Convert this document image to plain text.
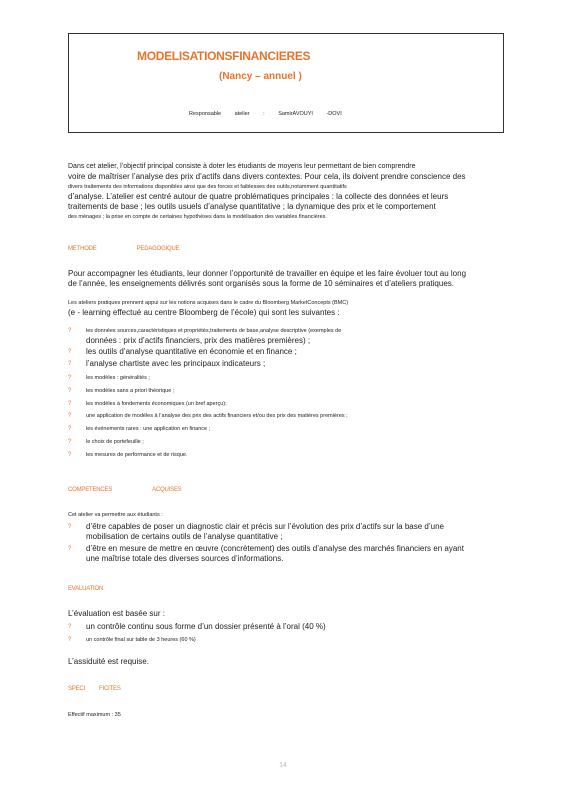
MODELISATIONSFINANCIERES
(Nancy – annuel )
Responsable atelier : SamirAVOUYI -DOVI
Dans cet atelier, l’objectif principal consiste à doter les étudiants de moyens leur permettant de bien comprendre
voire de maîtriser l’analyse des prix d’actifs dans divers contextes. Pour cela, ils doivent prendre conscience des
divers traitements des informations disponibles ainsi que des forces et faiblesses des outils,notamment quantitatifs
d’analyse. L’atelier est centré autour de quatre problématiques principales : la collecte des données et leurs
traitements de base ; les outils usuels d’analyse quantitative ; la dynamique des prix et le comportement
des ménages ; la prise en compte de certaines hypothèses dans la modélisation des variables financières.
METHODE	PEDAGOGIQUE
Pour accompagner les étudiants, leur donner l’opportunité de travailler en équipe et les faire évoluer tout au long
de l’année, les enseignements délivrés sont organisés sous la forme de 10 séminaires et d’ateliers pratiques.
Les ateliers pratiques prennent appui sur les notions acquises dans le cadre du Bloomberg MarketConcepts (BMC)
(e - learning effectué au centre Bloomberg de l’école) qui sont les suivantes :
?	les données sources,caractéristiques et propriétés,traitements de base,analyse descriptive (exemples de
données : prix d’actifs financiers, prix des matières premières) ;
?	les outils d’analyse quantitative en économie et en finance ;
?	l’analyse chartiste avec les principaux indicateurs ;
?	les modèles : généralités ;
?	les modèles sans a priori théorique ;
?	les modèles à fondements économiques (un bref aperçu);
?	une application de modèles à l’analyse des prix des actifs financiers et/ou des prix des matières premières ;
?	les événements rares : une application en finance ;
?	le choix de portefeuille ;
?	les mesures de performance et de risque.
COMPETENCES	ACQUISES
Cet atelier va permettre aux étudiants :
?	d’être capables de poser un diagnostic clair et précis sur l’évolution des prix d’actifs sur la base d’une
mobilisation de certains outils de l’analyse quantitative ;
?	d’être en mesure de mettre en œuvre (concrètement) des outils d’analyse des marchés financiers en ayant
une maîtrise totale des diverses sources d’informations.
EVALUATION
L’évaluation est basée sur :
?	un contrôle continu sous forme d’un dossier présenté à l’oral (40 %)
?	un contrôle final sur table de 3 heures (60 %)
L’assiduité est requise.
SPECI FICITES
Effectif maximum : 35
14
